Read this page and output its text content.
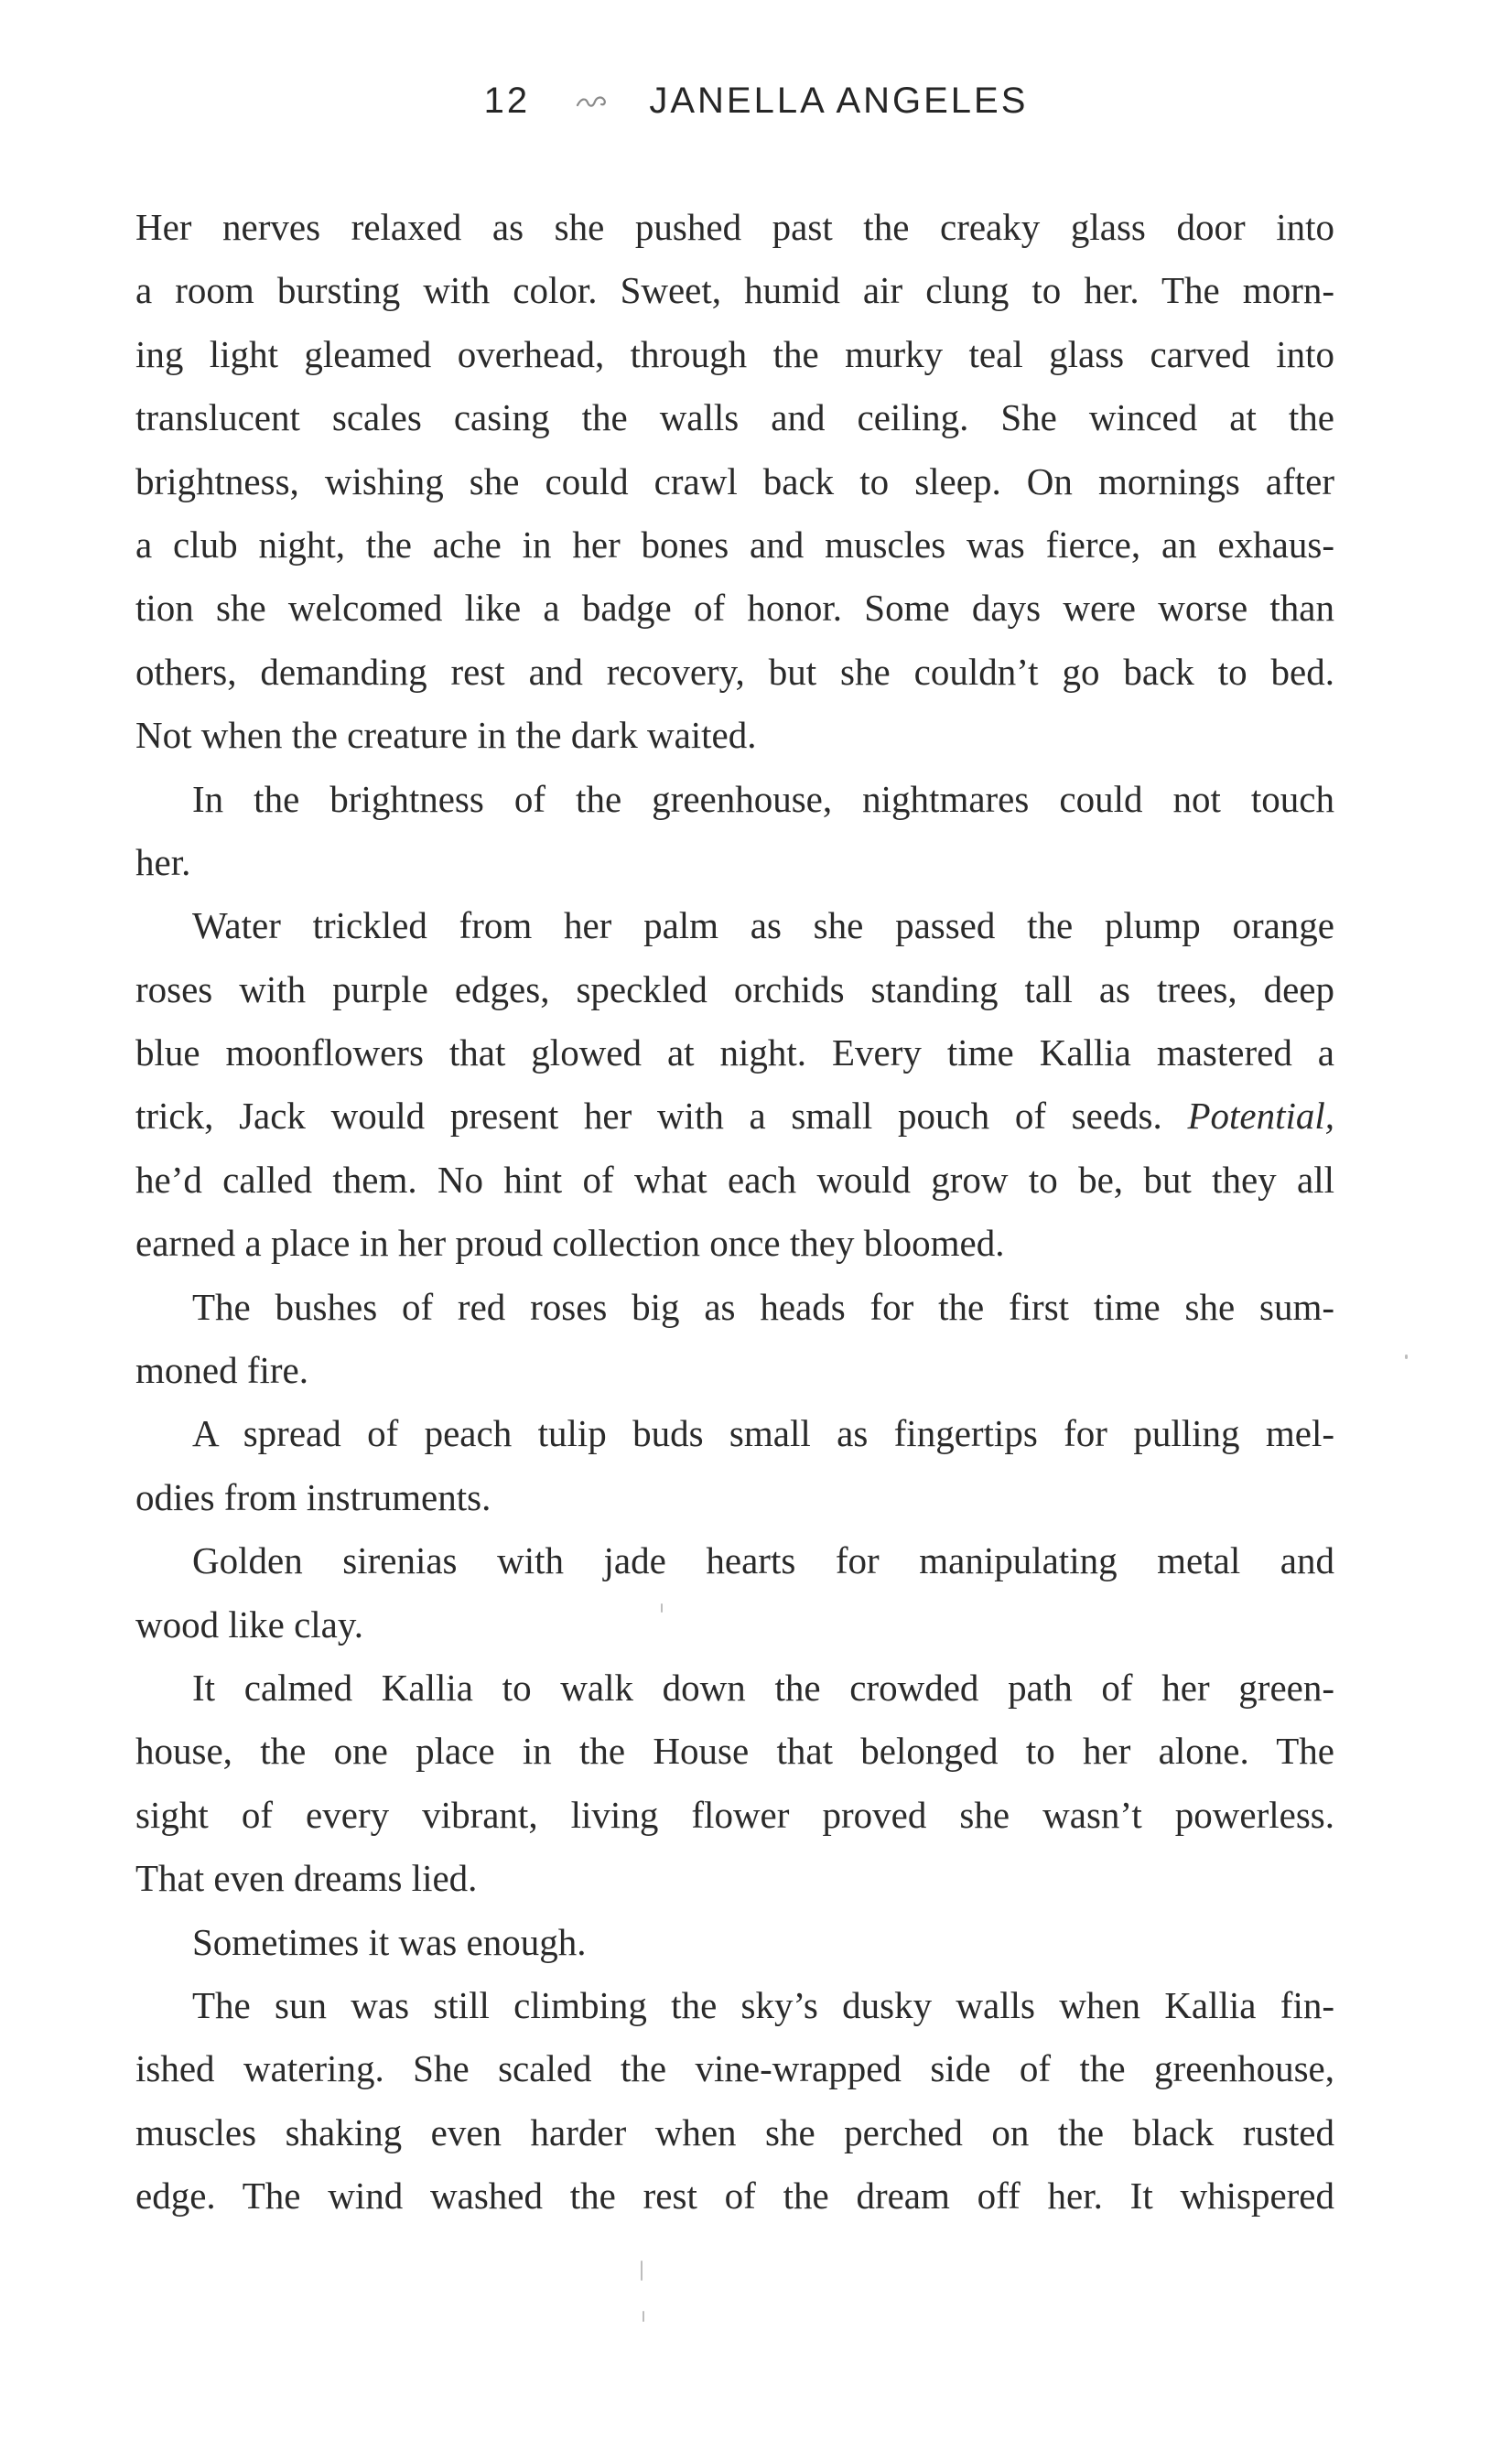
12	JANELLA ANGELES
Her nerves relaxed as she pushed past the creaky glass door into
a room bursting with color. Sweet, humid air clung to her. The morn-
ing light gleamed overhead, through the murky teal glass carved into
translucent scales casing the walls and ceiling. She winced at the
brightness, wishing she could crawl back to sleep. On mornings after
a club night, the ache in her bones and muscles was fierce, an exhaus-
tion she welcomed like a badge of honor. Some days were worse than
others, demanding rest and recovery, but she couldn’t go back to bed.
Not when the creature in the dark waited.
In the brightness of the greenhouse, nightmares could not touch
her.
Water trickled from her palm as she passed the plump orange
roses with purple edges, speckled orchids standing tall as trees, deep
blue moonflowers that glowed at night. Every time Kallia mastered a
trick, Jack would present her with a small pouch of seeds. Potential,
he’d called them. No hint of what each would grow to be, but they all
earned a place in her proud collection once they bloomed.
The bushes of red roses big as heads for the first time she sum-
moned fire.
A spread of peach tulip buds small as fingertips for pulling mel-
odies from instruments.
Golden sirenias with jade hearts for manipulating metal and
wood like clay.
It calmed Kallia to walk down the crowded path of her green-
house, the one place in the House that belonged to her alone. The
sight of every vibrant, living flower proved she wasn’t powerless.
That even dreams lied.
Sometimes it was enough.
The sun was still climbing the sky’s dusky walls when Kallia fin-
ished watering. She scaled the vine-wrapped side of the greenhouse,
muscles shaking even harder when she perched on the black rusted
edge. The wind washed the rest of the dream off her. It whispered
